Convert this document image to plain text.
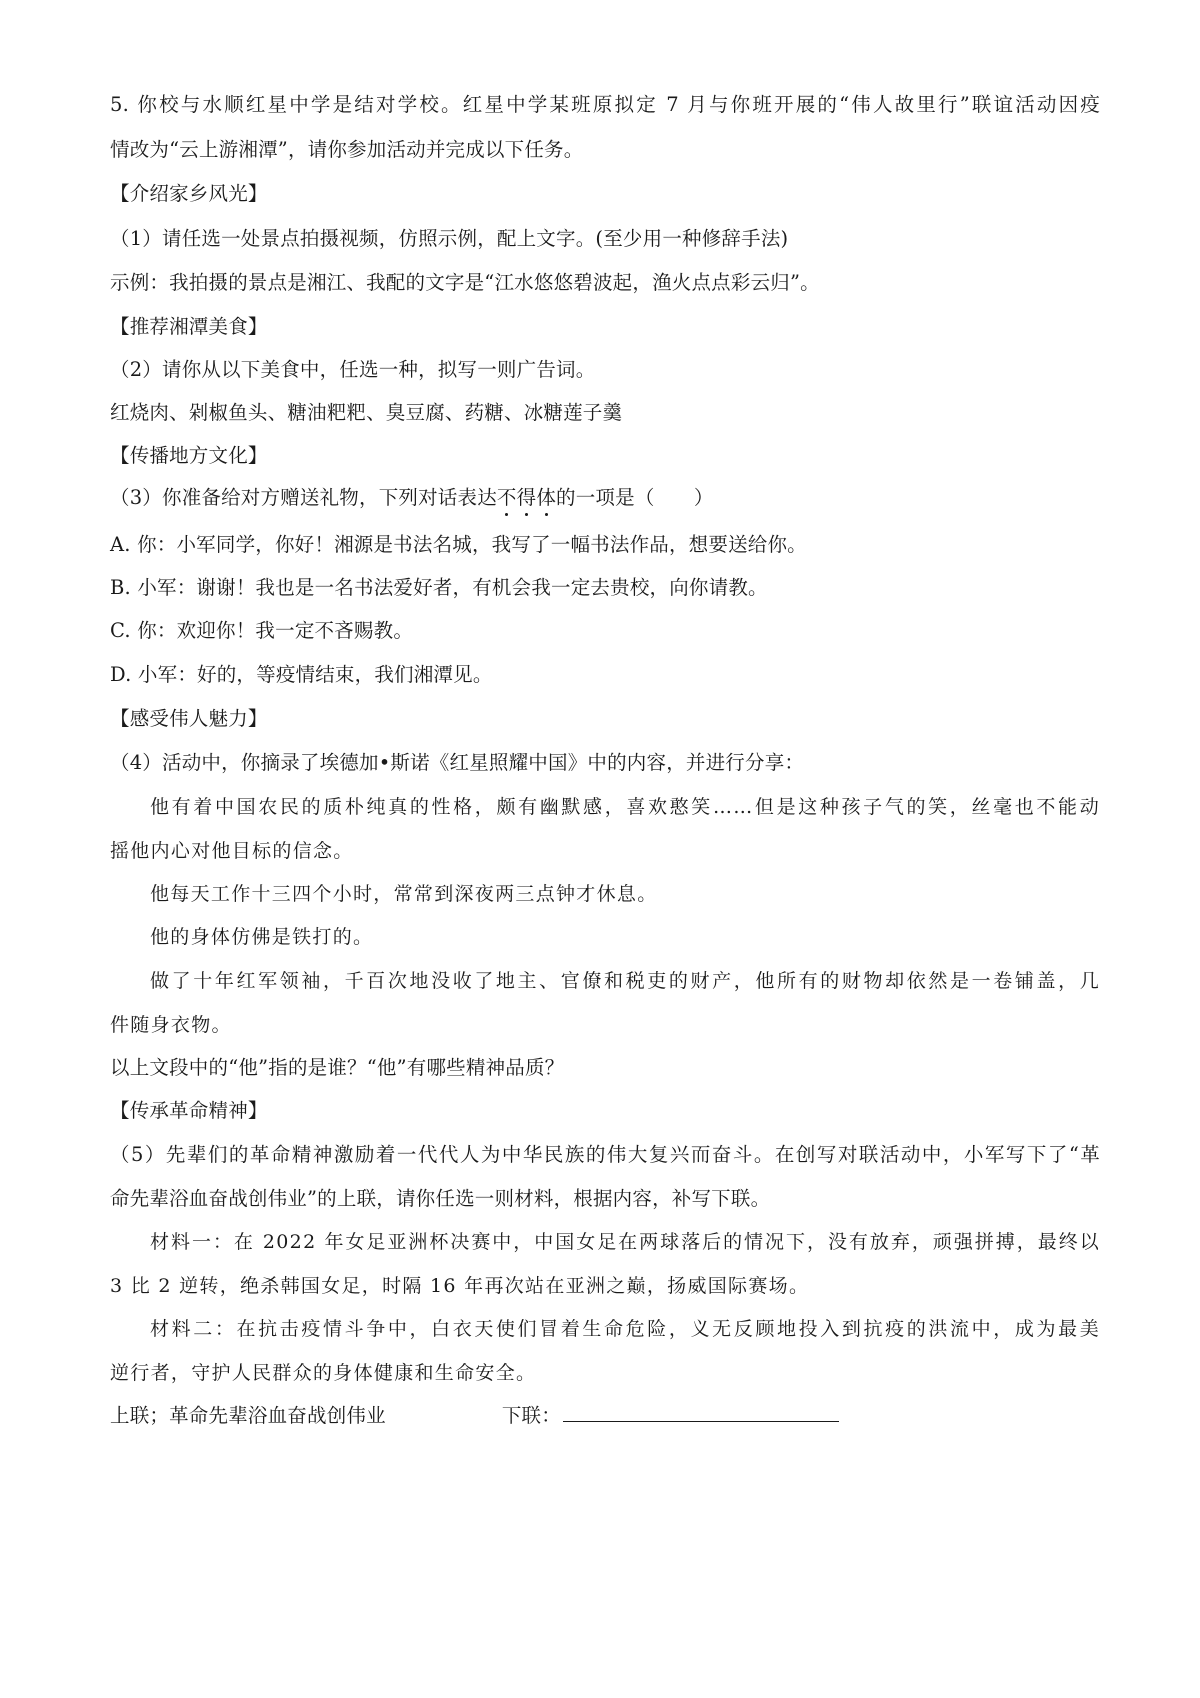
5. 你校与水顺红星中学是结对学校。红星中学某班原拟定 7 月与你班开展的“伟人故里行”联谊活动因疫
情改为“云上游湘潭”，请你参加活动并完成以下任务。
【介绍家乡风光】
（1）请任选一处景点拍摄视频，仿照示例，配上文字。(至少用一种修辞手法)
示例：我拍摄的景点是湘江、我配的文字是“江水悠悠碧波起，渔火点点彩云归”。
【推荐湘潭美食】
（2）请你从以下美食中，任选一种，拟写一则广告词。
红烧肉、剁椒鱼头、糖油粑粑、臭豆腐、药糖、冰糖莲子羹
【传播地方文化】
（3）你准备给对方赠送礼物，下列对话表达不得体的一项是（　　）
A. 你：小军同学，你好！湘源是书法名城，我写了一幅书法作品，想要送给你。
B. 小军：谢谢！我也是一名书法爱好者，有机会我一定去贵校，向你请教。
C. 你：欢迎你！我一定不吝赐教。
D. 小军：好的，等疫情结束，我们湘潭见。
【感受伟人魅力】
（4）活动中，你摘录了埃德加•斯诺《红星照耀中国》中的内容，并进行分享：
他有着中国农民的质朴纯真的性格，颇有幽默感，喜欢憨笑……但是这种孩子气的笑，丝毫也不能动
摇他内心对他目标的信念。
他每天工作十三四个小时，常常到深夜两三点钟才休息。
他的身体仿佛是铁打的。
做了十年红军领袖，千百次地没收了地主、官僚和税吏的财产，他所有的财物却依然是一卷铺盖，几
件随身衣物。
以上文段中的“他”指的是谁？“他”有哪些精神品质？
【传承革命精神】
（5）先辈们的革命精神激励着一代代人为中华民族的伟大复兴而奋斗。在创写对联活动中，小军写下了“革
命先辈浴血奋战创伟业”的上联，请你任选一则材料，根据内容，补写下联。
材料一：在 2022 年女足亚洲杯决赛中，中国女足在两球落后的情况下，没有放弃，顽强拼搏，最终以
3 比 2 逆转，绝杀韩国女足，时隔 16 年再次站在亚洲之巅，扬威国际赛场。
材料二：在抗击疫情斗争中，白衣天使们冒着生命危险，义无反顾地投入到抗疫的洪流中，成为最美
逆行者，守护人民群众的身体健康和生命安全。
上联；革命先辈浴血奋战创伟业	下联：
